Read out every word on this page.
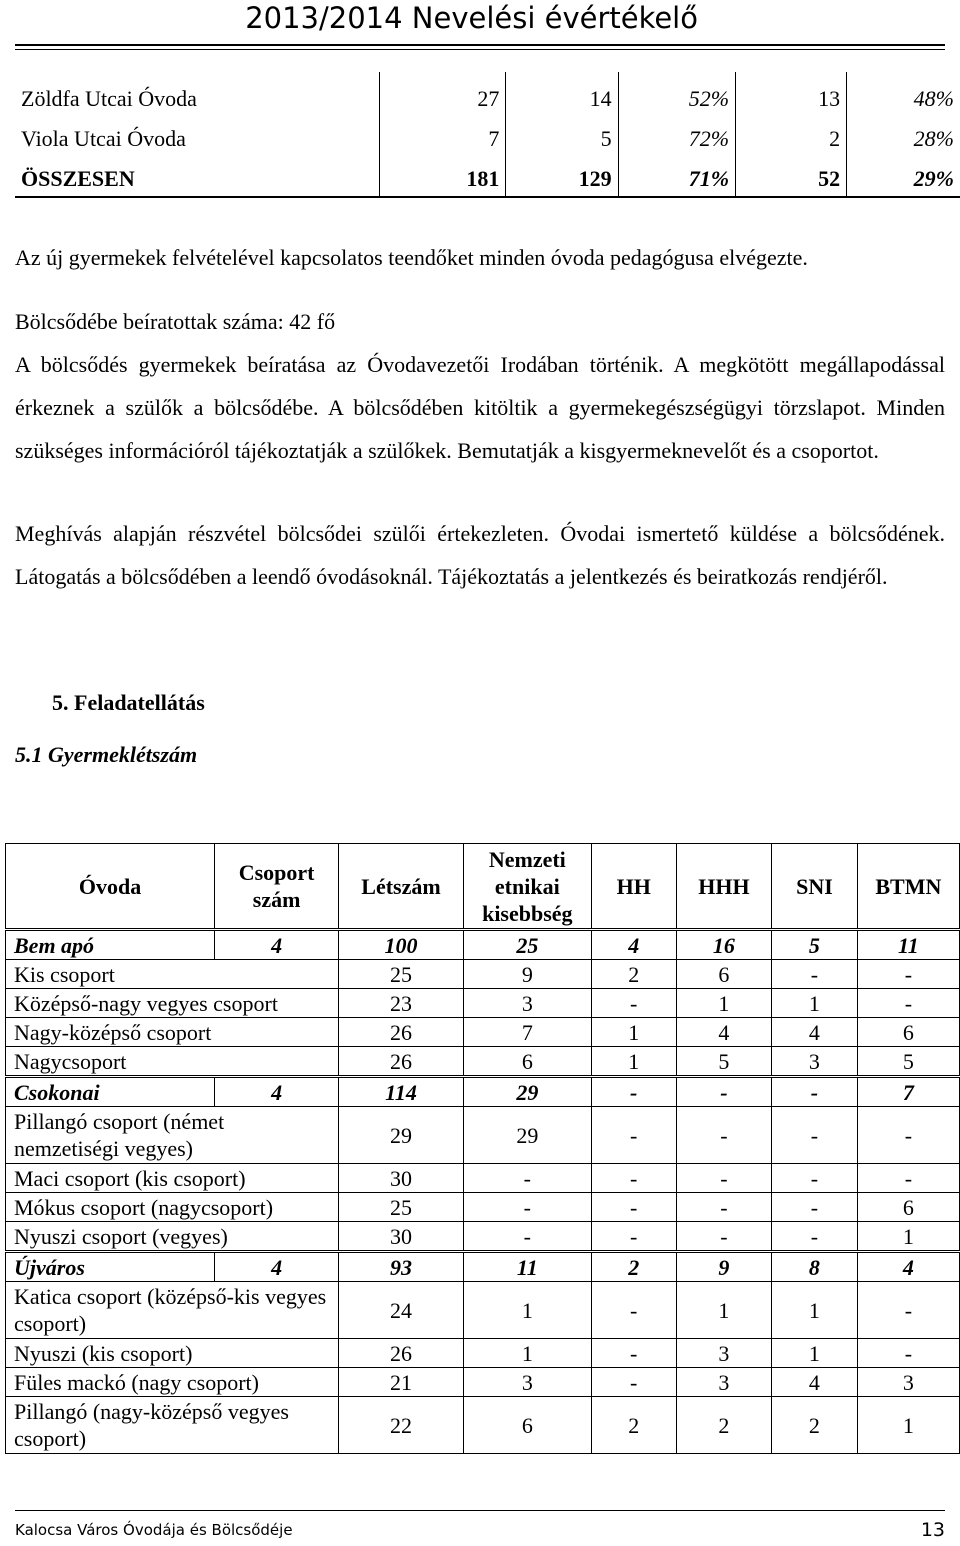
2013/2014 Nevelési évértékelő
Zöldfa Utcai Óvoda	27	14	52%	13	48%
Viola Utcai Óvoda	7	5	72%	2	28%
ÖSSZESEN	181	129	71%	52	29%
Az új gyermekek felvételével kapcsolatos teendőket minden óvoda pedagógusa elvégezte.
Bölcsődébe beíratottak száma: 42 fő
A bölcsődés gyermekek beíratása az Óvodavezetői Irodában történik. A megkötött megállapodással érkeznek a szülők a bölcsődébe. A bölcsődében kitöltik a gyermekegészségügyi törzslapot. Minden szükséges információról tájékoztatják a szülőkek. Bemutatják a kisgyermeknevelőt és a csoportot.
Meghívás alapján részvétel bölcsődei szülői értekezleten. Óvodai ismertető küldése a bölcsődének. Látogatás a bölcsődében a leendő óvodásoknál. Tájékoztatás a jelentkezés és beiratkozás rendjéről.
5. Feladatellátás
5.1 Gyermeklétszám
Óvoda	Csoport szám	Létszám	Nemzeti etnikai kisebbség	HH	HHH	SNI	BTMN
Bem apó	4	100	25	4	16	5	11
Kis csoport		25	9	2	6	-	-
Középső-nagy vegyes csoport		23	3	-	1	1	-
Nagy-középső csoport		26	7	1	4	4	6
Nagycsoport		26	6	1	5	3	5
Csokonai	4	114	29	-	-	-	7
Pillangó csoport (német nemzetiségi vegyes)		29	29	-	-	-	-
Maci csoport (kis csoport)		30	-	-	-	-	-
Mókus csoport (nagycsoport)		25	-	-	-	-	6
Nyuszi csoport (vegyes)		30	-	-	-	-	1
Újváros	4	93	11	2	9	8	4
Katica csoport (középső-kis vegyes csoport)		24	1	-	1	1	-
Nyuszi (kis csoport)		26	1	-	3	1	-
Füles mackó (nagy csoport)		21	3	-	3	4	3
Pillangó (nagy-középső vegyes csoport)		22	6	2	2	2	1
Kalocsa Város Óvodája és Bölcsődéje	13
